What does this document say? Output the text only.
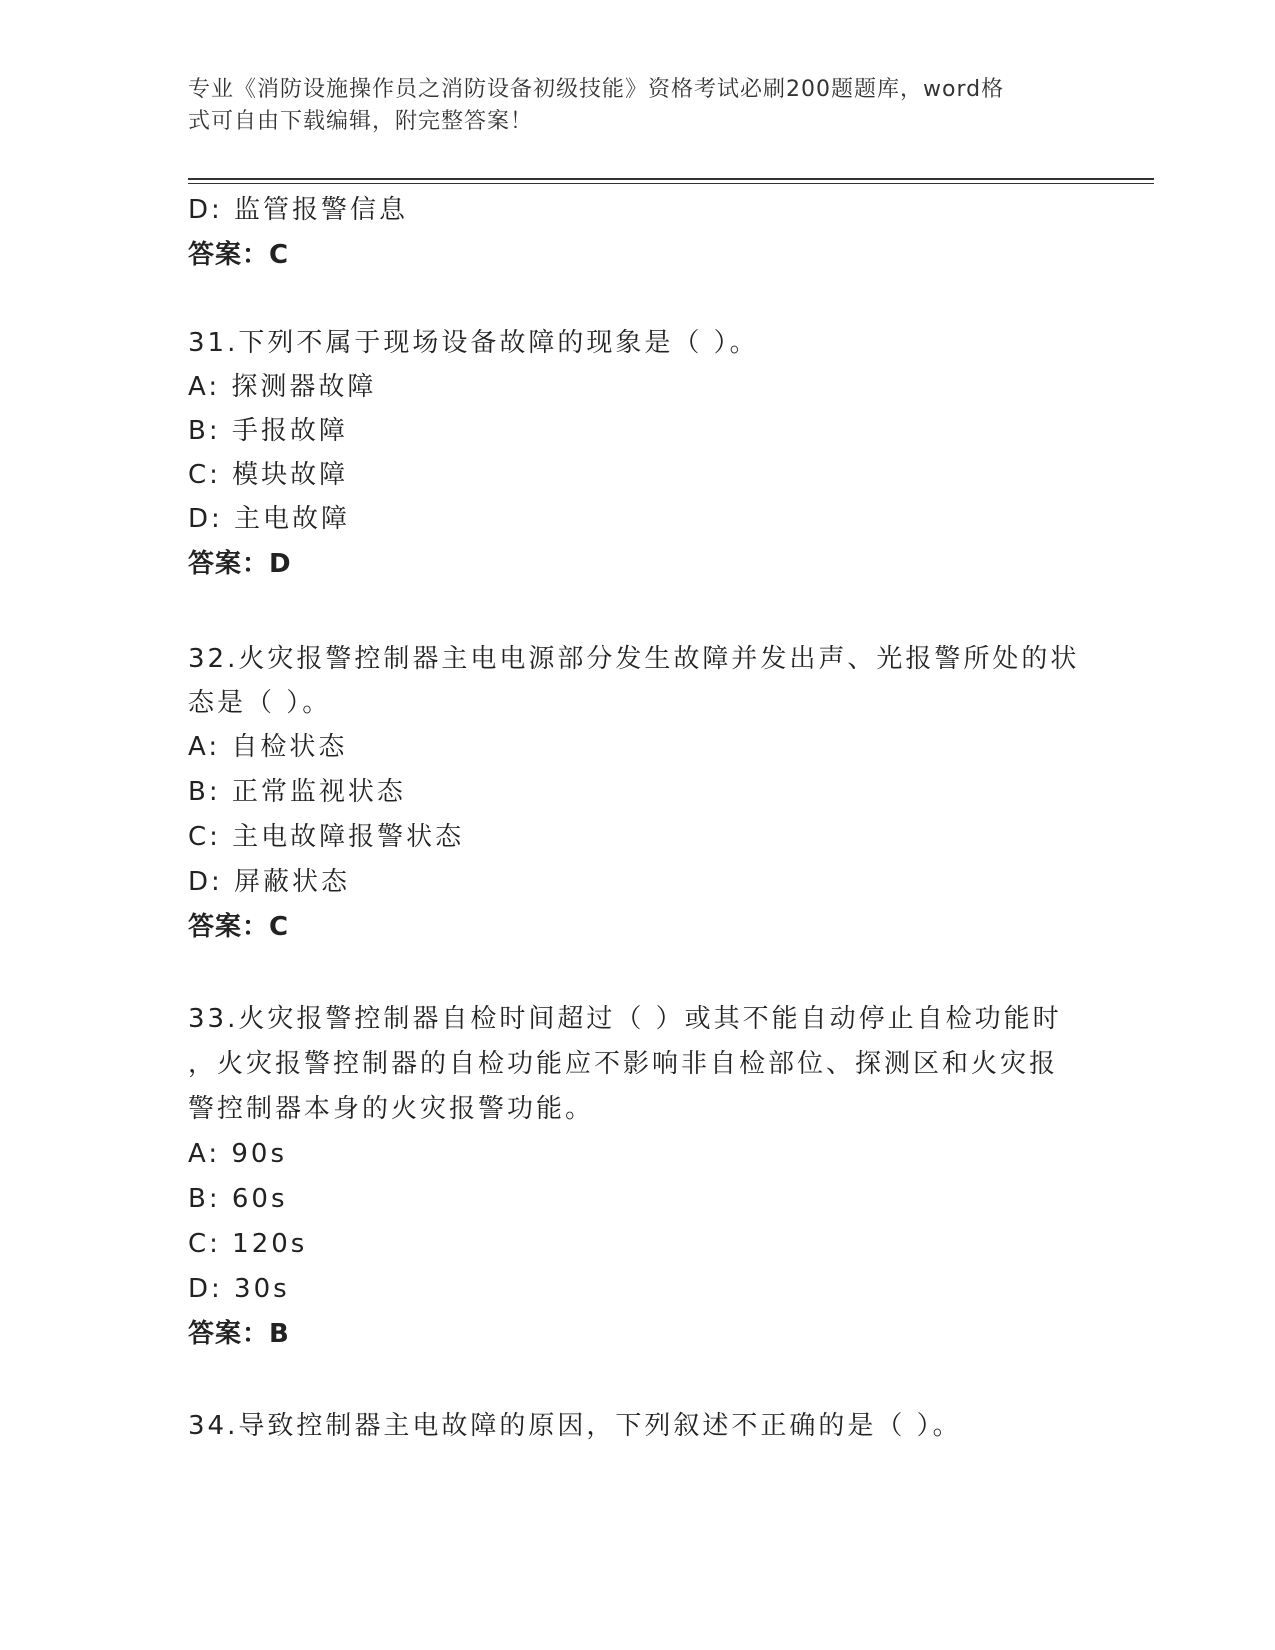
专业《消防设施操作员之消防设备初级技能》资格考试必刷200题题库，word格
式可自由下载编辑，附完整答案！
D: 监管报警信息
答案：C
31.下列不属于现场设备故障的现象是（ ）。
A: 探测器故障
B: 手报故障
C: 模块故障
D: 主电故障
答案：D
32.火灾报警控制器主电电源部分发生故障并发出声、光报警所处的状
态是（ ）。
A: 自检状态
B: 正常监视状态
C: 主电故障报警状态
D: 屏蔽状态
答案：C
33.火灾报警控制器自检时间超过（ ）或其不能自动停止自检功能时
，火灾报警控制器的自检功能应不影响非自检部位、探测区和火灾报
警控制器本身的火灾报警功能。
A: 90s
B: 60s
C: 120s
D: 30s
答案：B
34.导致控制器主电故障的原因，下列叙述不正确的是（ ）。
